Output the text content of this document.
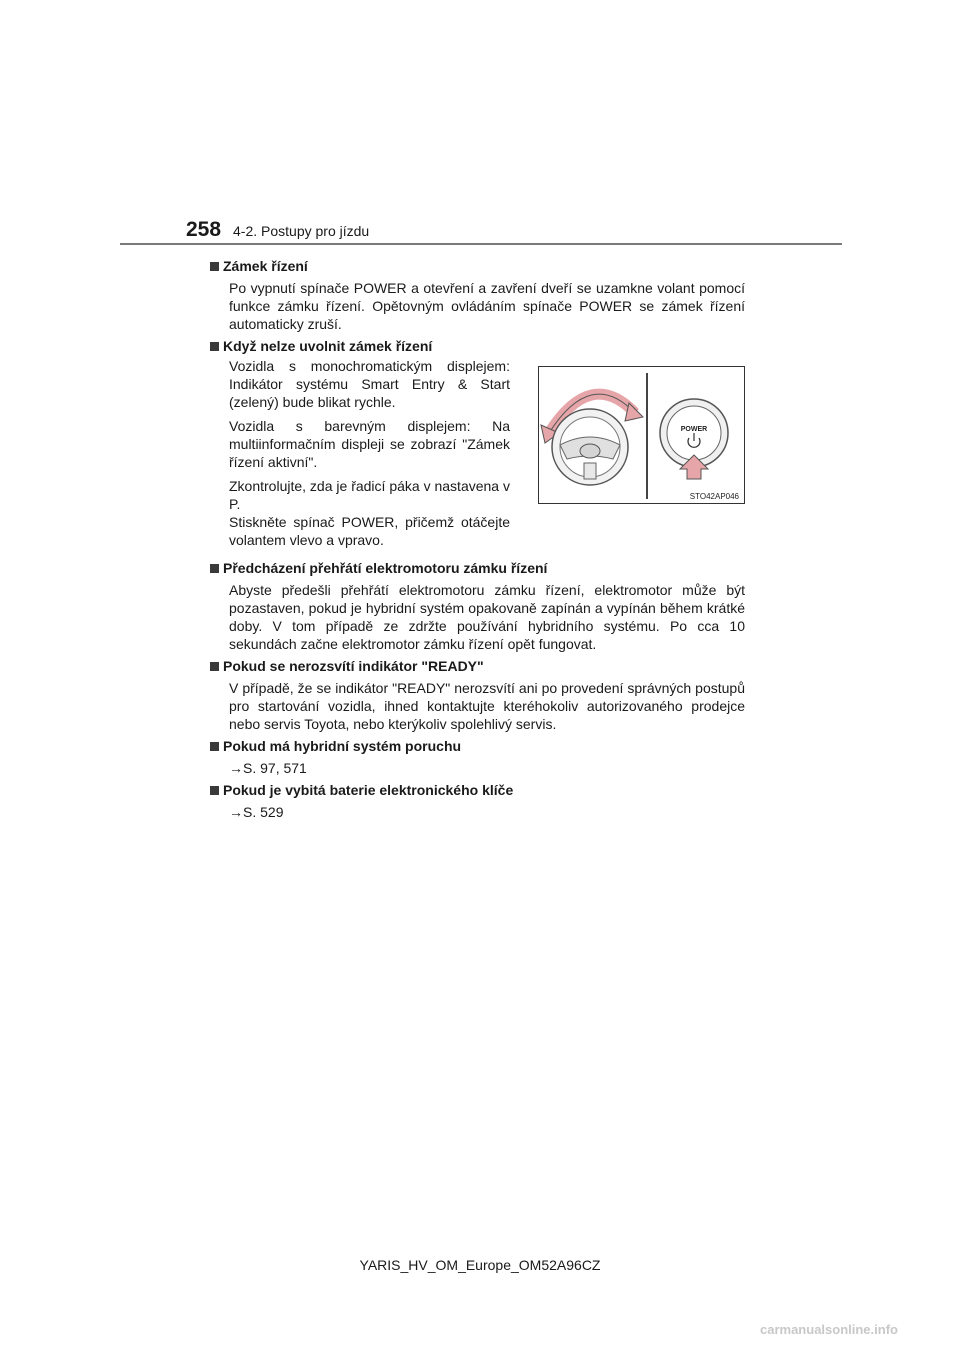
258 4-2. Postupy pro jízdu
Zámek řízení
Po vypnutí spínače POWER a otevření a zavření dveří se uzamkne volant pomocí funkce zámku řízení. Opětovným ovládáním spínače POWER se zámek řízení automaticky zruší.
Když nelze uvolnit zámek řízení

Vozidla s monochromatickým displejem: Indikátor systému Smart Entry & Start (zelený) bude blikat rychle.

Vozidla s barevným displejem: Na multiinformačním displeji se zobrazí "Zámek řízení aktivní".

Zkontrolujte, zda je řadicí páka v nastavena v P.

Stiskněte spínač POWER, přičemž otáčejte volantem vlevo a vpravo.

POWER
STO42AP046
Předcházení přehřátí elektromotoru zámku řízení
Abyste předešli přehřátí elektromotoru zámku řízení, elektromotor může být pozastaven, pokud je hybridní systém opakovaně zapínán a vypínán během krátké doby. V tom případě ze zdržte používání hybridního systému. Po cca 10 sekundách začne elektromotor zámku řízení opět fungovat.
Pokud se nerozsvítí indikátor "READY"
V případě, že se indikátor "READY" nerozsvítí ani po provedení správných postupů pro startování vozidla, ihned kontaktujte kteréhokoliv autorizovaného prodejce nebo servis Toyota, nebo kterýkoliv spolehlivý servis.
Pokud má hybridní systém poruchu
→S. 97, 571
Pokud je vybitá baterie elektronického klíče
→S. 529
YARIS_HV_OM_Europe_OM52A96CZ
carmanualsonline.info
